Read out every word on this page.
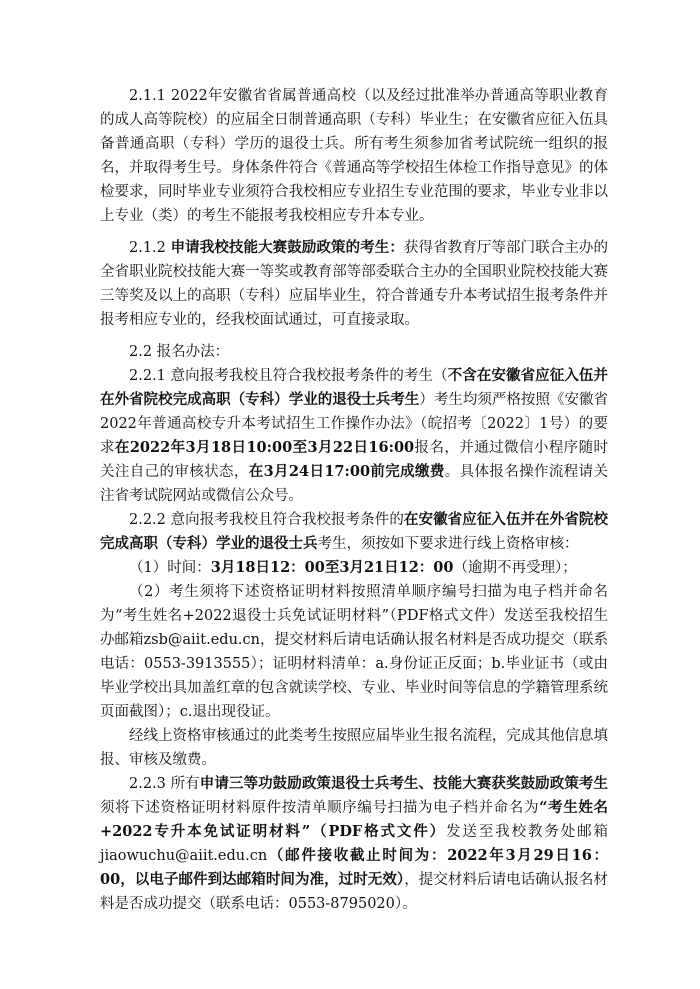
2.1.1 2022年安徽省省属普通高校（以及经过批准举办普通高等职业教育的成人高等院校）的应届全日制普通高职（专科）毕业生；在安徽省应征入伍具备普通高职（专科）学历的退役士兵。所有考生须参加省考试院统一组织的报名，并取得考生号。身体条件符合《普通高等学校招生体检工作指导意见》的体检要求，同时毕业专业须符合我校相应专业招生专业范围的要求，毕业专业非以上专业（类）的考生不能报考我校相应专升本专业。

2.1.2 申请我校技能大赛鼓励政策的考生：获得省教育厅等部门联合主办的全省职业院校技能大赛一等奖或教育部等部委联合主办的全国职业院校技能大赛三等奖及以上的高职（专科）应届毕业生，符合普通专升本考试招生报考条件并报考相应专业的，经我校面试通过，可直接录取。

2.2 报名办法：

2.2.1 意向报考我校且符合我校报考条件的考生（不含在安徽省应征入伍并在外省院校完成高职（专科）学业的退役士兵考生）考生均须严格按照《安徽省2022年普通高校专升本考试招生工作操作办法》（皖招考〔2022〕1号）的要求在2022年3月18日10:00至3月22日16:00报名，并通过微信小程序随时关注自己的审核状态，在3月24日17:00前完成缴费。具体报名操作流程请关注省考试院网站或微信公众号。

2.2.2 意向报考我校且符合我校报考条件的在安徽省应征入伍并在外省院校完成高职（专科）学业的退役士兵考生，须按如下要求进行线上资格审核：

（1）时间：3月18日12：00至3月21日12：00（逾期不再受理）；

（2）考生须将下述资格证明材料按照清单顺序编号扫描为电子档并命名为“考生姓名+2022退役士兵免试证明材料”（PDF格式文件）发送至我校招生办邮箱zsb@aiit.edu.cn，提交材料后请电话确认报名材料是否成功提交（联系电话：0553-3913555）；证明材料清单：a.身份证正反面；b.毕业证书（或由毕业学校出具加盖红章的包含就读学校、专业、毕业时间等信息的学籍管理系统页面截图）；c.退出现役证。

经线上资格审核通过的此类考生按照应届毕业生报名流程，完成其他信息填报、审核及缴费。

2.2.3 所有申请三等功鼓励政策退役士兵考生、技能大赛获奖鼓励政策考生须将下述资格证明材料原件按清单顺序编号扫描为电子档并命名为“考生姓名+2022专升本免试证明材料”（PDF格式文件）发送至我校教务处邮箱jiaowuchu@aiit.edu.cn（邮件接收截止时间为：2022年3月29日16：00，以电子邮件到达邮箱时间为准，过时无效），提交材料后请电话确认报名材料是否成功提交（联系电话：0553-8795020）。
